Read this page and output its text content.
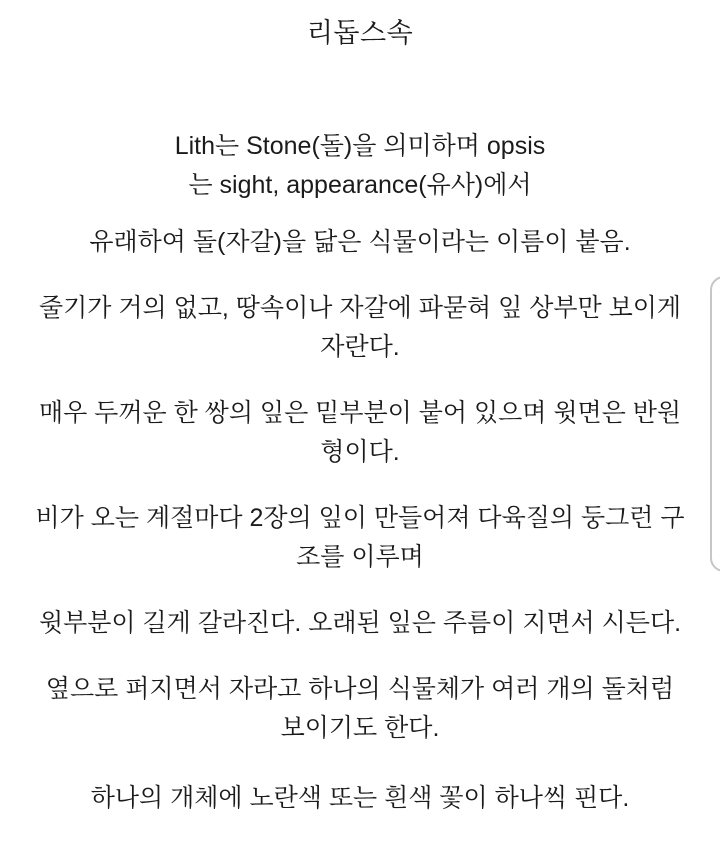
리돕스속

Lith는 Stone(돌)을 의미하며 opsis
는 sight, appearance(유사)에서

유래하여 돌(자갈)을 닮은 식물이라는 이름이 붙음.

줄기가 거의 없고, 땅속이나 자갈에 파묻혀 잎 상부만 보이게
자란다.

매우 두꺼운 한 쌍의 잎은 밑부분이 붙어 있으며 윗면은 반원
형이다.

비가 오는 계절마다 2장의 잎이 만들어져 다육질의 둥그런 구
조를 이루며

윗부분이 길게 갈라진다. 오래된 잎은 주름이 지면서 시든다.

옆으로 퍼지면서 자라고 하나의 식물체가 여러 개의 돌처럼
보이기도 한다.

하나의 개체에 노란색 또는 흰색 꽃이 하나씩 핀다.
